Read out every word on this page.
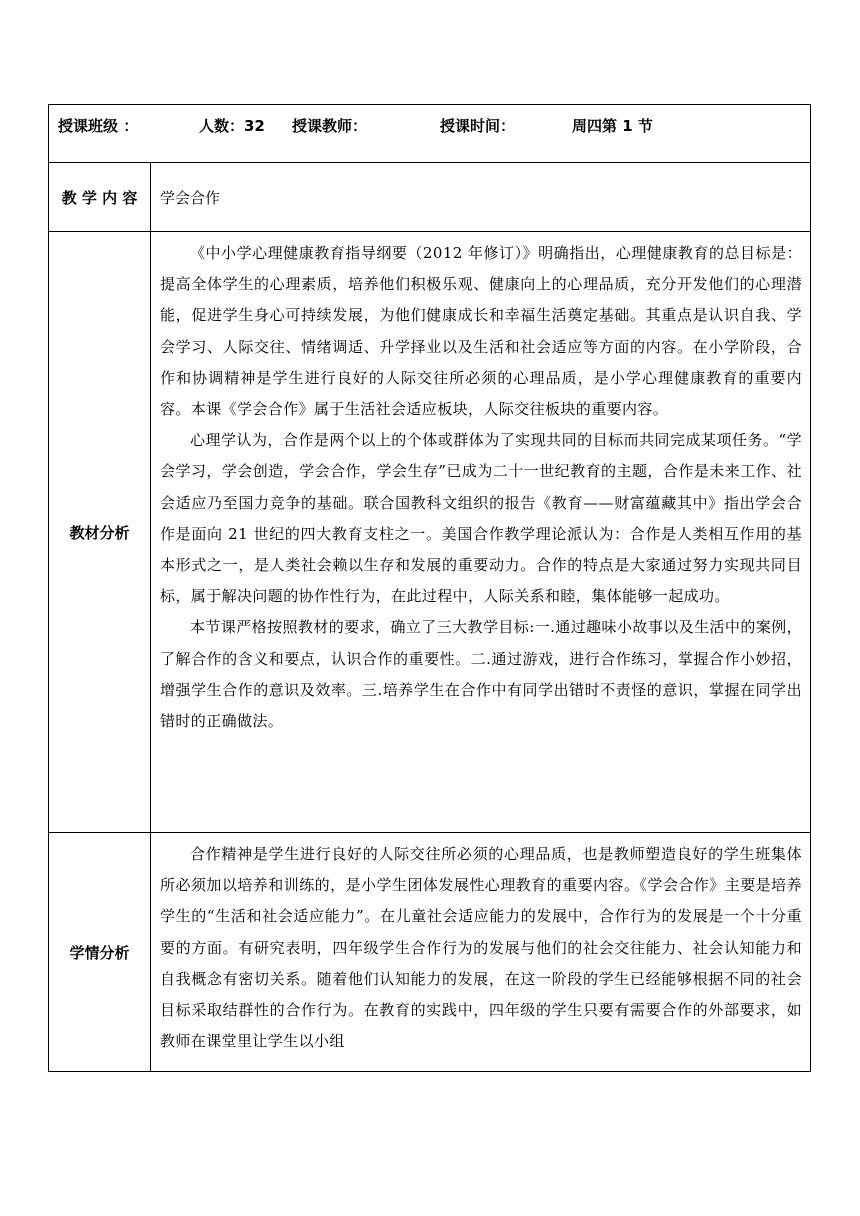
授课班级 ： 人数：32 授课教师： 授课时间： 周四第 1 节	

教 学 内 容	学会合作
教材分析	《中小学心理健康教育指导纲要（2012 年修订）》明确指出，心理健康教育的总目标是：提高全体学生的心理素质，培养他们积极乐观、健康向上的心理品质，充分开发他们的心理潜能，促进学生身心可持续发展，为他们健康成长和幸福生活奠定基础。其重点是认识自我、学会学习、人际交往、情绪调适、升学择业以及生活和社会适应等方面的内容。在小学阶段，合作和协调精神是学生进行良好的人际交往所必须的心理品质，是小学心理健康教育的重要内容。本课《学会合作》属于生活社会适应板块，人际交往板块的重要内容。

心理学认为，合作是两个以上的个体或群体为了实现共同的目标而共同完成某项任务。“学会学习，学会创造，学会合作，学会生存”已成为二十一世纪教育的主题，合作是未来工作、社会适应乃至国力竞争的基础。联合国教科文组织的报告《教育——财富蕴藏其中》指出学会合作是面向 21 世纪的四大教育支柱之一。美国合作教学理论派认为：合作是人类相互作用的基本形式之一，是人类社会赖以生存和发展的重要动力。合作的特点是大家通过努力实现共同目标，属于解决问题的协作性行为，在此过程中，人际关系和睦，集体能够一起成功。

本节课严格按照教材的要求，确立了三大教学目标:一.通过趣味小故事以及生活中的案例，了解合作的含义和要点，认识合作的重要性。二.通过游戏，进行合作练习，掌握合作小妙招，增强学生合作的意识及效率。三.培养学生在合作中有同学出错时不责怪的意识，掌握在同学出错时的正确做法。

学情分析	合作精神是学生进行良好的人际交往所必须的心理品质，也是教师塑造良好的学生班集体所必须加以培养和训练的，是小学生团体发展性心理教育的重要内容。《学会合作》主要是培养学生的“生活和社会适应能力”。在儿童社会适应能力的发展中，合作行为的发展是一个十分重要的方面。有研究表明，四年级学生合作行为的发展与他们的社会交往能力、社会认知能力和自我概念有密切关系。随着他们认知能力的发展，在这一阶段的学生已经能够根据不同的社会目标采取结群性的合作行为。在教育的实践中，四年级的学生只要有需要合作的外部要求，如教师在课堂里让学生以小组
